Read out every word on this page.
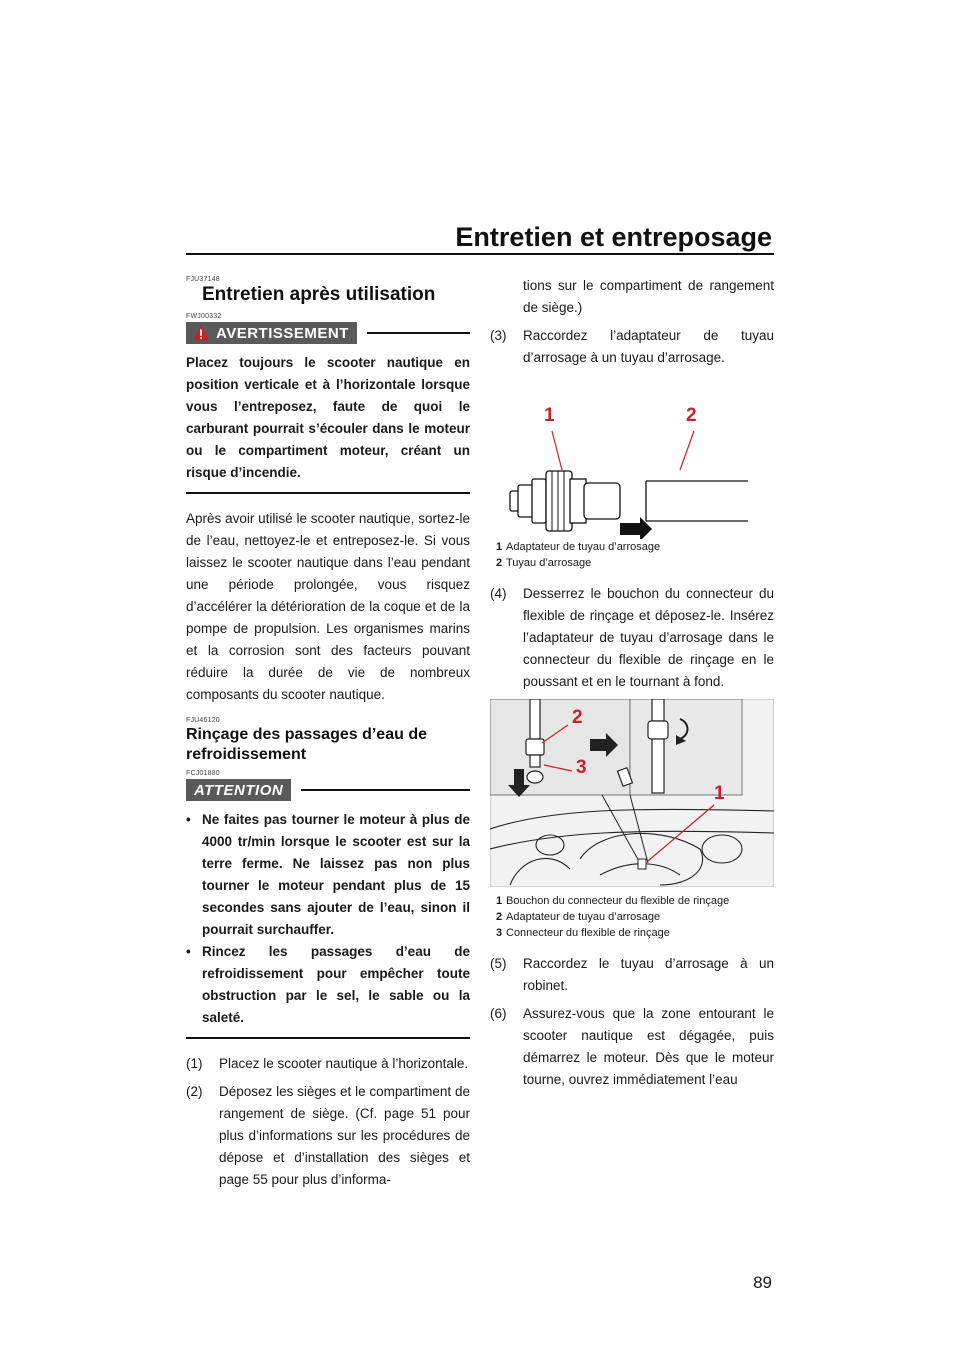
Entretien et entreposage
FJU37148
Entretien après utilisation
FWJ00332
AVERTISSEMENT
Placez toujours le scooter nautique en position verticale et à l’horizontale lorsque vous l’entreposez, faute de quoi le carburant pourrait s’écouler dans le moteur ou le compartiment moteur, créant un risque d’incendie.

Après avoir utilisé le scooter nautique, sortez-le de l’eau, nettoyez-le et entreposez-le. Si vous laissez le scooter nautique dans l’eau pendant une période prolongée, vous risquez d’accélérer la détérioration de la coque et de la pompe de propulsion. Les organismes marins et la corrosion sont des facteurs pouvant réduire la durée de vie de nombreux composants du scooter nautique.

FJU46120
Rinçage des passages d’eau de refroidissement
FCJ01880
ATTENTION
• Ne faites pas tourner le moteur à plus de 4000 tr/min lorsque le scooter est sur la terre ferme. Ne laissez pas non plus tourner le moteur pendant plus de 15 secondes sans ajouter de l’eau, sinon il pourrait surchauffer.
• Rincez les passages d’eau de refroidissement pour empêcher toute obstruction par le sel, le sable ou la saleté.
(1) Placez le scooter nautique à l’horizontale.
(2) Déposez les sièges et le compartiment de rangement de siège. (Cf. page 51 pour plus d’informations sur les procédures de dépose et d’installation des sièges et page 55 pour plus d’informa-

tions sur le compartiment de rangement de siège.)

(3) Raccordez l’adaptateur de tuyau d’arrosage à un tuyau d’arrosage.
1	2
1 Adaptateur de tuyau d’arrosage
2 Tuyau d’arrosage
(4) Desserrez le bouchon du connecteur du flexible de rinçage et déposez-le. Insérez l’adaptateur de tuyau d’arrosage dans le connecteur du flexible de rinçage en le poussant et en le tournant à fond.
2
3
1
1 Bouchon du connecteur du flexible de rinçage
2 Adaptateur de tuyau d’arrosage
3 Connecteur du flexible de rinçage
(5) Raccordez le tuyau d’arrosage à un robinet.
(6) Assurez-vous que la zone entourant le scooter nautique est dégagée, puis démarrez le moteur. Dès que le moteur tourne, ouvrez immédiatement l’eau
89
